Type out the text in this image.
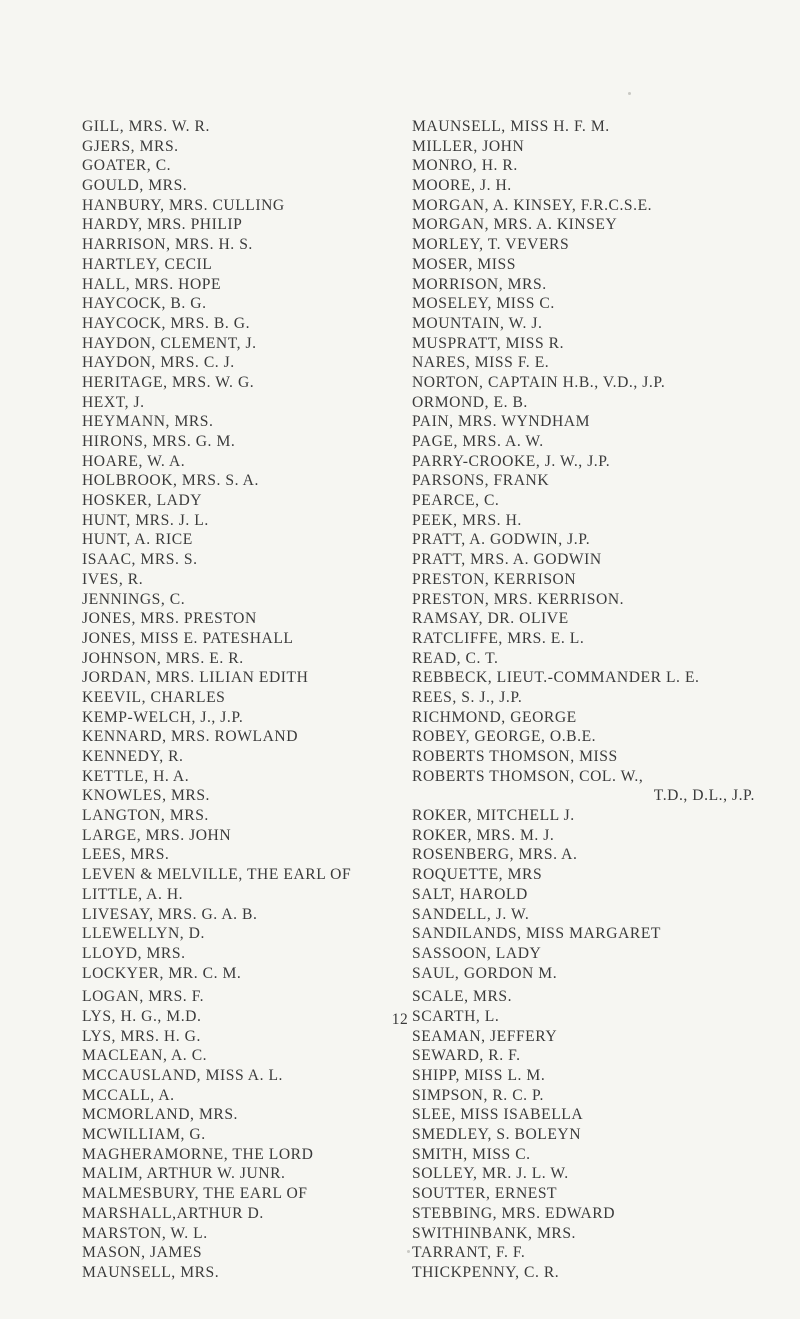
GILL, MRS. W. R.
GJERS, MRS.
GOATER, C.
GOULD, MRS.
HANBURY, MRS. CULLING
HARDY, MRS. PHILIP
HARRISON, MRS. H. S.
HARTLEY, CECIL
HALL, MRS. HOPE
HAYCOCK, B. G.
HAYCOCK, MRS. B. G.
HAYDON, CLEMENT, J.
HAYDON, MRS. C. J.
HERITAGE, MRS. W. G.
HEXT, J.
HEYMANN, MRS.
HIRONS, MRS. G. M.
HOARE, W. A.
HOLBROOK, MRS. S. A.
HOSKER, LADY
HUNT, MRS. J. L.
HUNT, A. RICE
ISAAC, MRS. S.
IVES, R.
JENNINGS, C.
JONES, MRS. PRESTON
JONES, MISS E. PATESHALL
JOHNSON, MRS. E. R.
JORDAN, MRS. LILIAN EDITH
KEEVIL, CHARLES
KEMP-WELCH, J., J.P.
KENNARD, MRS. ROWLAND
KENNEDY, R.
KETTLE, H. A.
KNOWLES, MRS.
LANGTON, MRS.
LARGE, MRS. JOHN
LEES, MRS.
LEVEN & MELVILLE, THE EARL OF
LITTLE, A. H.
LIVESAY, MRS. G. A. B.
LLEWELLYN, D.
LLOYD, MRS.
LOCKYER, MR. C. M.
LOGAN, MRS. F.
LYS, H. G., M.D.
LYS, MRS. H. G.
MACLEAN, A. C.
MCCAUSLAND, MISS A. L.
MCCALL, A.
MCMORLAND, MRS.
MCWILLIAM, G.
MAGHERAMORNE, THE LORD
MALIM, ARTHUR W. JUNR.
MALMESBURY, THE EARL OF
MARSHALL,ARTHUR D.
MARSTON, W. L.
MASON, JAMES
MAUNSELL, MRS.
MAUNSELL, MISS H. F. M.
MILLER, JOHN
MONRO, H. R.
MOORE, J. H.
MORGAN, A. KINSEY, F.R.C.S.E.
MORGAN, MRS. A. KINSEY
MORLEY, T. VEVERS
MOSER, MISS
MORRISON, MRS.
MOSELEY, MISS C.
MOUNTAIN, W. J.
MUSPRATT, MISS R.
NARES, MISS F. E.
NORTON, CAPTAIN H.B., V.D., J.P.
ORMOND, E. B.
PAIN, MRS. WYNDHAM
PAGE, MRS. A. W.
PARRY-CROOKE, J. W., J.P.
PARSONS, FRANK
PEARCE, C.
PEEK, MRS. H.
PRATT, A. GODWIN, J.P.
PRATT, MRS. A. GODWIN
PRESTON, KERRISON
PRESTON, MRS. KERRISON.
RAMSAY, DR. OLIVE
RATCLIFFE, MRS. E. L.
READ, C. T.
REBBECK, LIEUT.-COMMANDER L. E.
REES, S. J., J.P.
RICHMOND, GEORGE
ROBEY, GEORGE, O.B.E.
ROBERTS THOMSON, MISS
ROBERTS THOMSON, COL. W.,
T.D., D.L., J.P.
ROKER, MITCHELL J.
ROKER, MRS. M. J.
ROSENBERG, MRS. A.
ROQUETTE, MRS
SALT, HAROLD
SANDELL, J. W.
SANDILANDS, MISS MARGARET
SASSOON, LADY
SAUL, GORDON M.
SCALE, MRS.
SCARTH, L.
SEAMAN, JEFFERY
SEWARD, R. F.
SHIPP, MISS L. M.
SIMPSON, R. C. P.
SLEE, MISS ISABELLA
SMEDLEY, S. BOLEYN
SMITH, MISS C.
SOLLEY, MR. J. L. W.
SOUTTER, ERNEST
STEBBING, MRS. EDWARD
SWITHINBANK, MRS.
TARRANT, F. F.
THICKPENNY, C. R.
12
